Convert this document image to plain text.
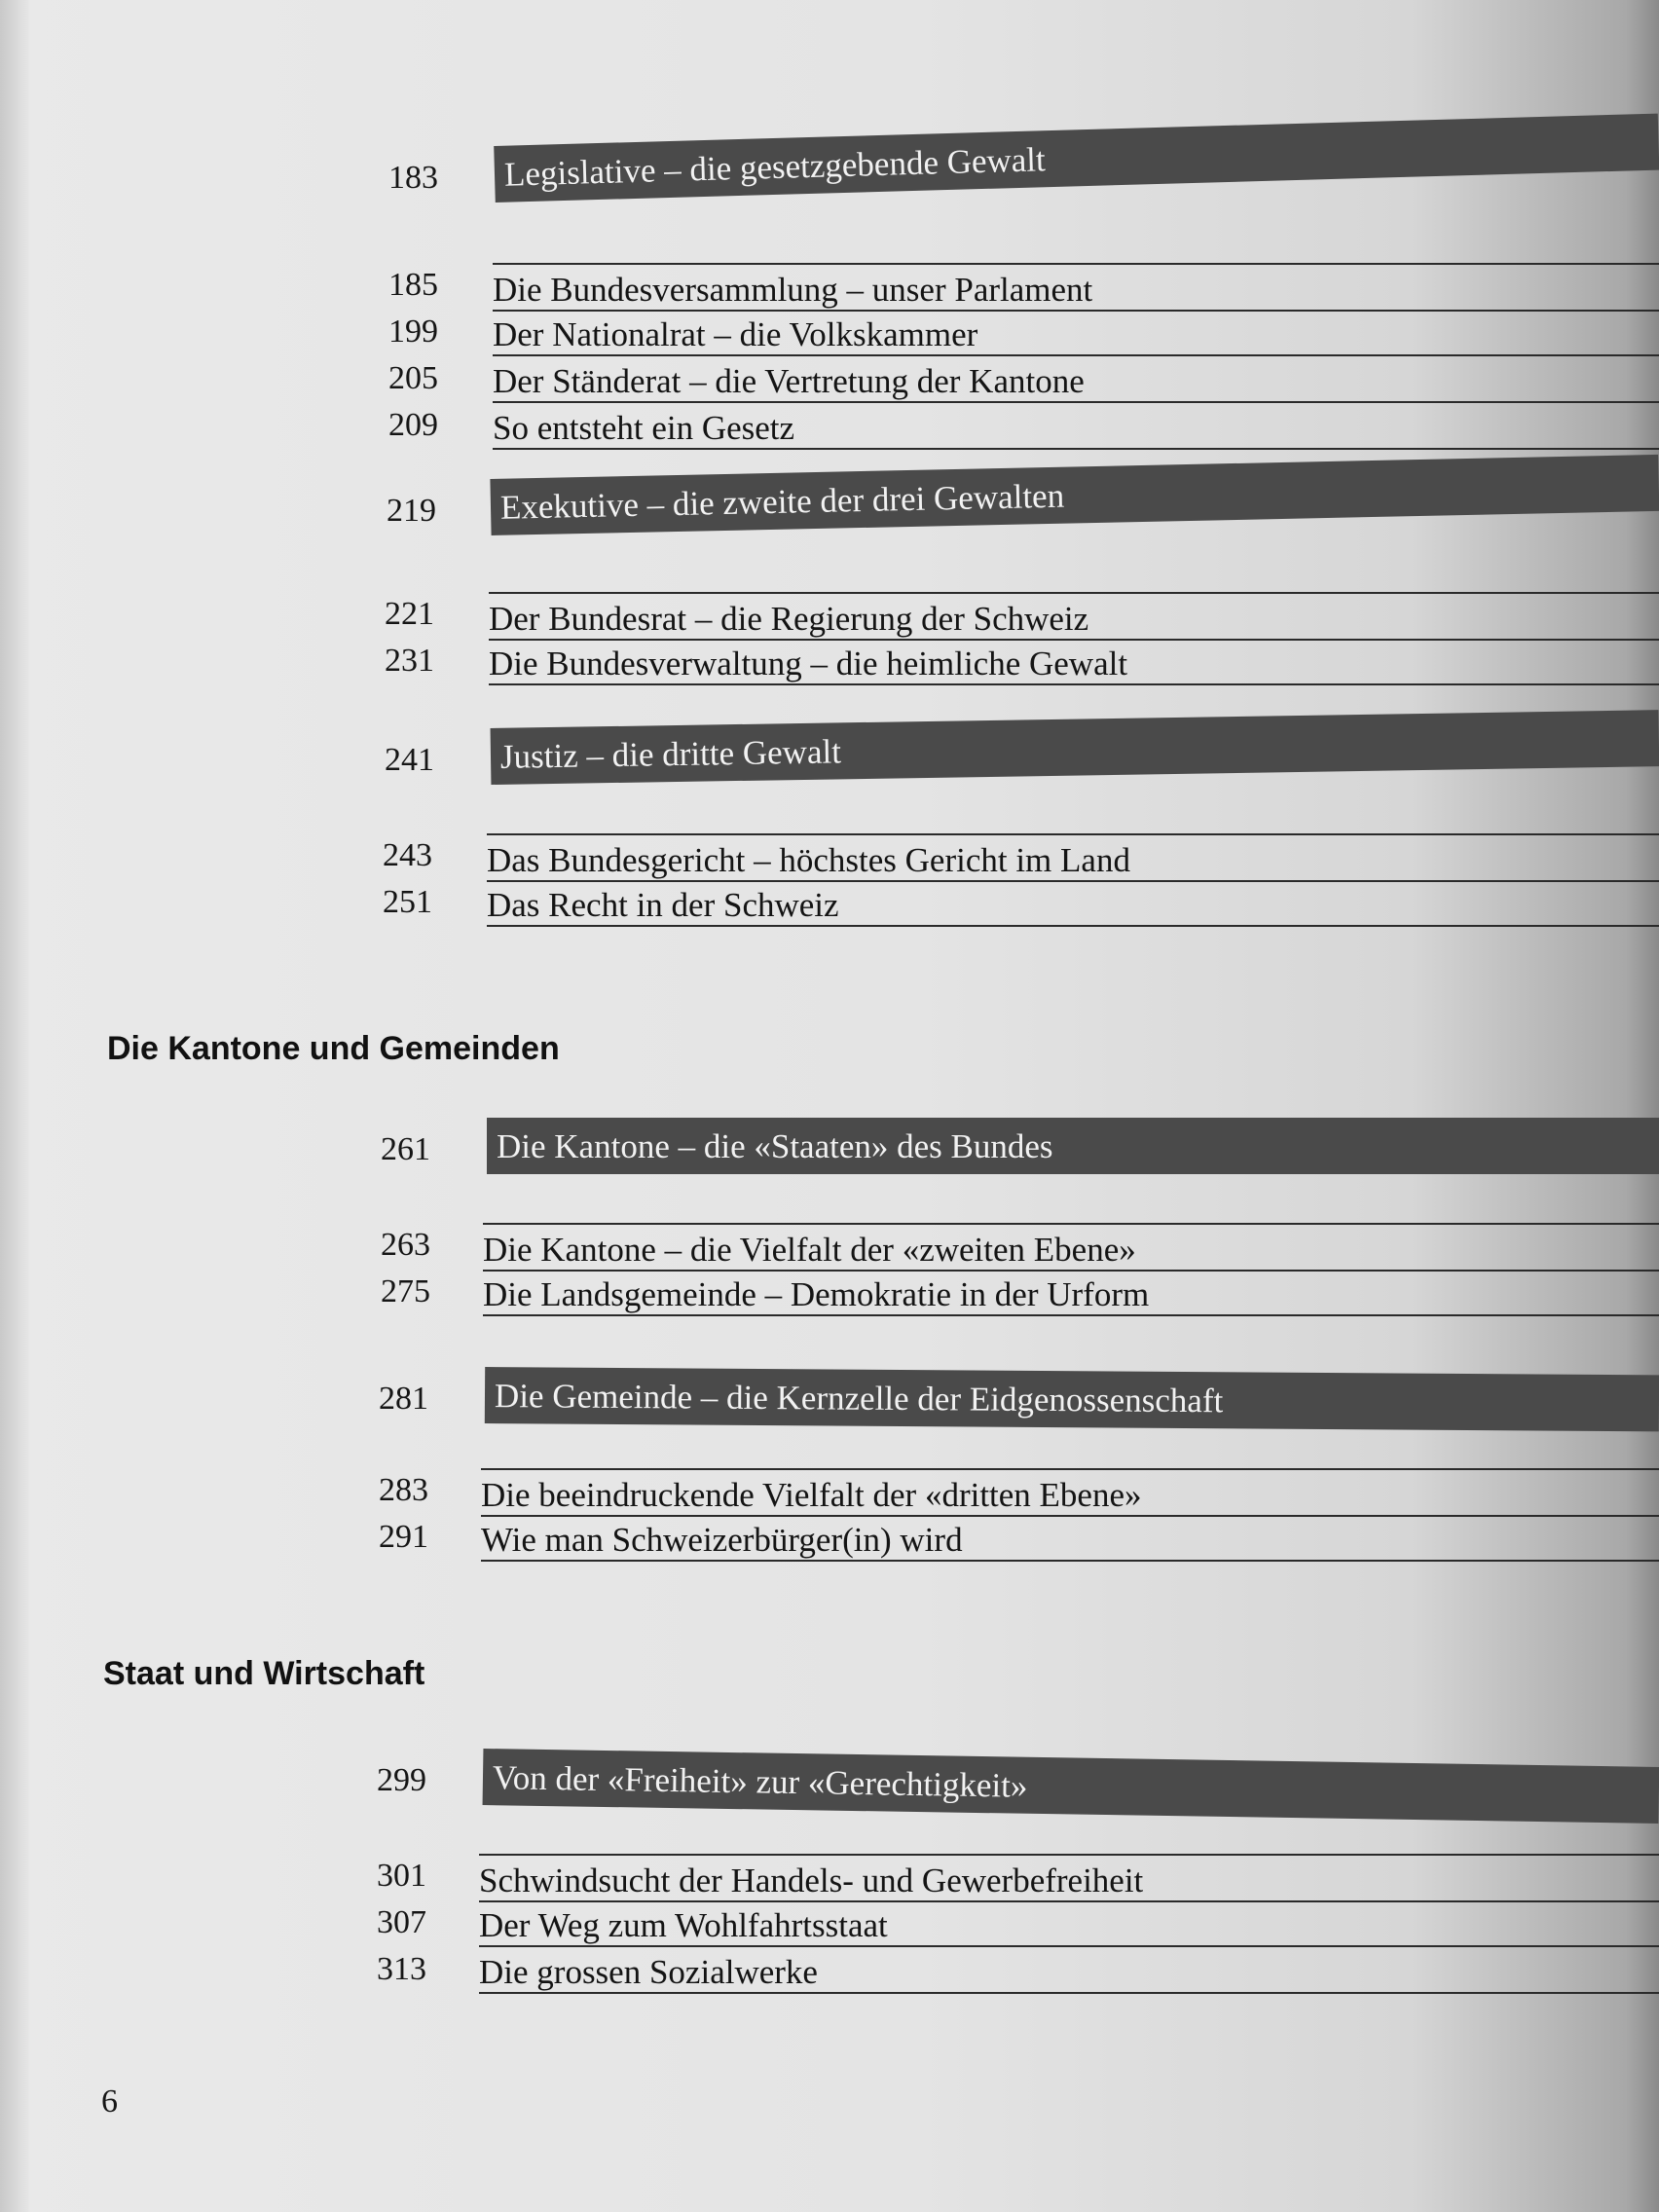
183 Legislative – die gesetzgebende Gewalt
185 Die Bundesversammlung – unser Parlament
199 Der Nationalrat – die Volkskammer
205 Der Ständerat – die Vertretung der Kantone
209 So entsteht ein Gesetz
219 Exekutive – die zweite der drei Gewalten
221 Der Bundesrat – die Regierung der Schweiz
231 Die Bundesverwaltung – die heimliche Gewalt
241 Justiz – die dritte Gewalt
243 Das Bundesgericht – höchstes Gericht im Land
251 Das Recht in der Schweiz
Die Kantone und Gemeinden
261 Die Kantone – die «Staaten» des Bundes
263 Die Kantone – die Vielfalt der «zweiten Ebene»
275 Die Landsgemeinde – Demokratie in der Urform
281 Die Gemeinde – die Kernzelle der Eidgenossenschaft
283 Die beeindruckende Vielfalt der «dritten Ebene»
291 Wie man Schweizerbürger(in) wird
Staat und Wirtschaft
299 Von der «Freiheit» zur «Gerechtigkeit»
301 Schwindsucht der Handels- und Gewerbefreiheit
307 Der Weg zum Wohlfahrtsstaat
313 Die grossen Sozialwerke
6
